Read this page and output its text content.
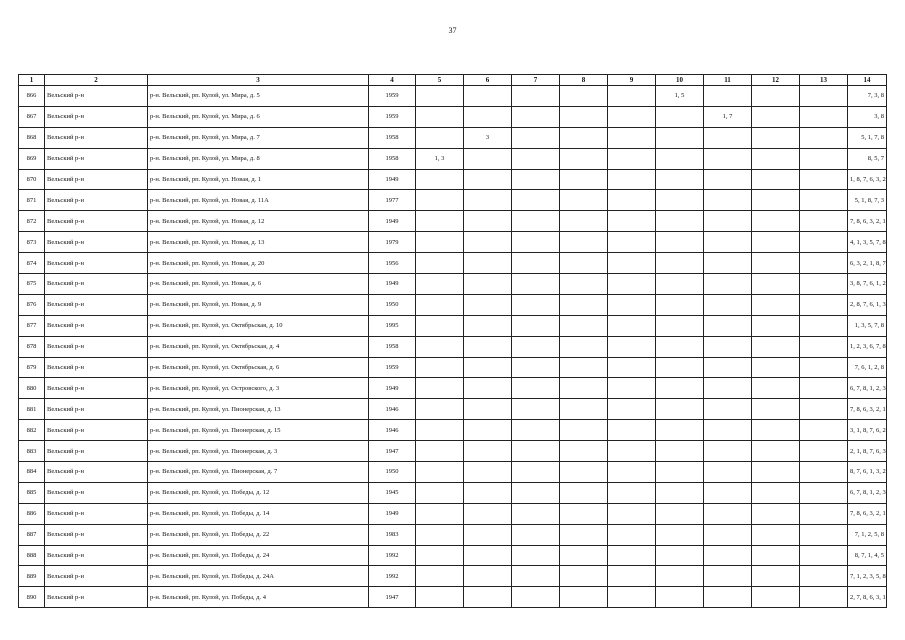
37
1	2	3	4	5	6	7	8	9	10	11	12	13	14
866	Вельский р-н	р-н. Вельский, рп. Кулой, ул. Мира, д. 5	1959						1, 5				7, 3, 8
867	Вельский р-н	р-н. Вельский, рп. Кулой, ул. Мира, д. 6	1959							1, 7			3, 8
868	Вельский р-н	р-н. Вельский, рп. Кулой, ул. Мира, д. 7	1958		3								5, 1, 7, 8
869	Вельский р-н	р-н. Вельский, рп. Кулой, ул. Мира, д. 8	1958	1, 3									8, 5, 7
870	Вельский р-н	р-н. Вельский, рп. Кулой, ул. Новая, д. 1	1949										1, 8, 7, 6, 3, 2
871	Вельский р-н	р-н. Вельский, рп. Кулой, ул. Новая, д. 11А	1977										5, 1, 8, 7, 3
872	Вельский р-н	р-н. Вельский, рп. Кулой, ул. Новая, д. 12	1949										7, 8, 6, 3, 2, 1
873	Вельский р-н	р-н. Вельский, рп. Кулой, ул. Новая, д. 13	1979										4, 1, 3, 5, 7, 8
874	Вельский р-н	р-н. Вельский, рп. Кулой, ул. Новая, д. 20	1956										6, 3, 2, 1, 8, 7
875	Вельский р-н	р-н. Вельский, рп. Кулой, ул. Новая, д. 6	1949										3, 8, 7, 6, 1, 2
876	Вельский р-н	р-н. Вельский, рп. Кулой, ул. Новая, д. 9	1950										2, 8, 7, 6, 1, 3
877	Вельский р-н	р-н. Вельский, рп. Кулой, ул. Октябрьская, д. 10	1995										1, 3, 5, 7, 8
878	Вельский р-н	р-н. Вельский, рп. Кулой, ул. Октябрьская, д. 4	1958										1, 2, 3, 6, 7, 8
879	Вельский р-н	р-н. Вельский, рп. Кулой, ул. Октябрьская, д. 6	1959										7, 6, 1, 2, 8
880	Вельский р-н	р-н. Вельский, рп. Кулой, ул. Островского, д. 3	1949										6, 7, 8, 1, 2, 3
881	Вельский р-н	р-н. Вельский, рп. Кулой, ул. Пионерская, д. 13	1946										7, 8, 6, 3, 2, 1
882	Вельский р-н	р-н. Вельский, рп. Кулой, ул. Пионерская, д. 15	1946										3, 1, 8, 7, 6, 2
883	Вельский р-н	р-н. Вельский, рп. Кулой, ул. Пионерская, д. 3	1947										2, 1, 8, 7, 6, 3
884	Вельский р-н	р-н. Вельский, рп. Кулой, ул. Пионерская, д. 7	1950										8, 7, 6, 1, 3, 2
885	Вельский р-н	р-н. Вельский, рп. Кулой, ул. Победы, д. 12	1945										6, 7, 8, 1, 2, 3
886	Вельский р-н	р-н. Вельский, рп. Кулой, ул. Победы, д. 14	1949										7, 8, 6, 3, 2, 1
887	Вельский р-н	р-н. Вельский, рп. Кулой, ул. Победы, д. 22	1983										7, 1, 2, 5, 8
888	Вельский р-н	р-н. Вельский, рп. Кулой, ул. Победы, д. 24	1992										8, 7, 1, 4, 5
889	Вельский р-н	р-н. Вельский, рп. Кулой, ул. Победы, д. 24А	1992										7, 1, 2, 3, 5, 8
890	Вельский р-н	р-н. Вельский, рп. Кулой, ул. Победы, д. 4	1947										2, 7, 8, 6, 3, 1
